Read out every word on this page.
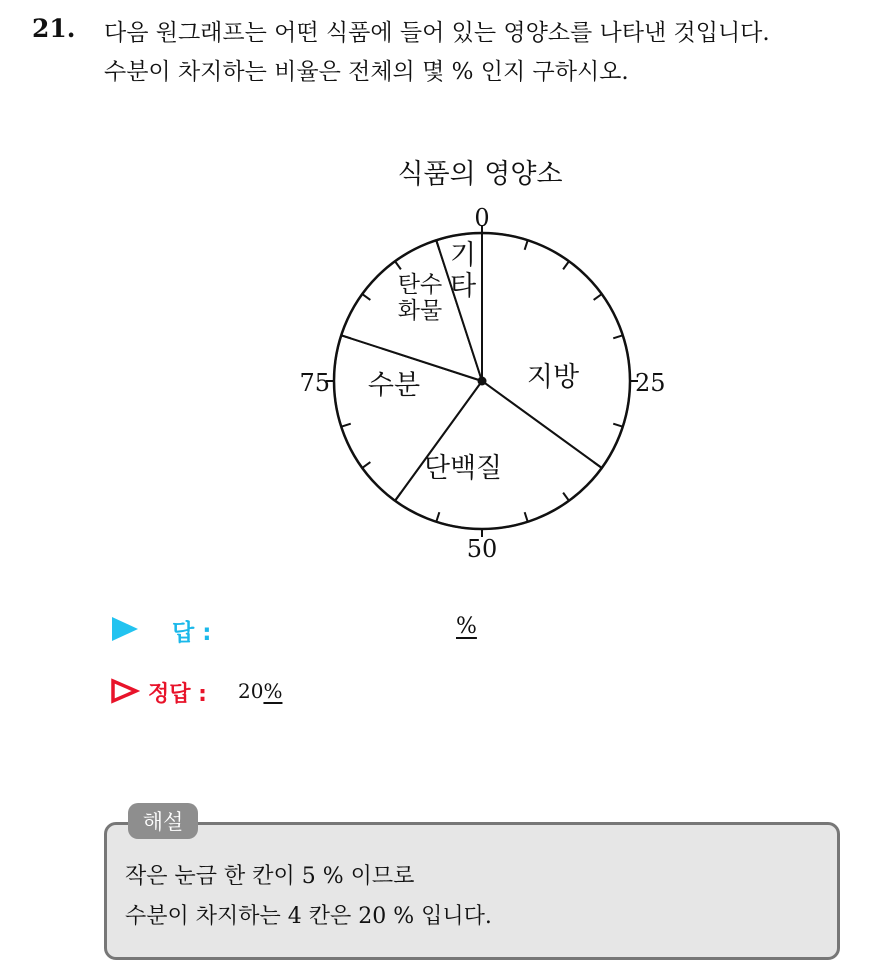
21. 다음 원그래프는 어떤 식품에 들어 있는 영양소를 나타낸 것입니다.
수분이 차지하는 비율은 전체의 몇 % 인지 구하시오.
식품의 영양소
0
25
50
75	지방
단백질
수분
탄수
화물
기
타
답 :	%
정답 : 20%
해설
작은 눈금 한 칸이 5 % 이므로
수분이 차지하는 4 칸은 20 % 입니다.
